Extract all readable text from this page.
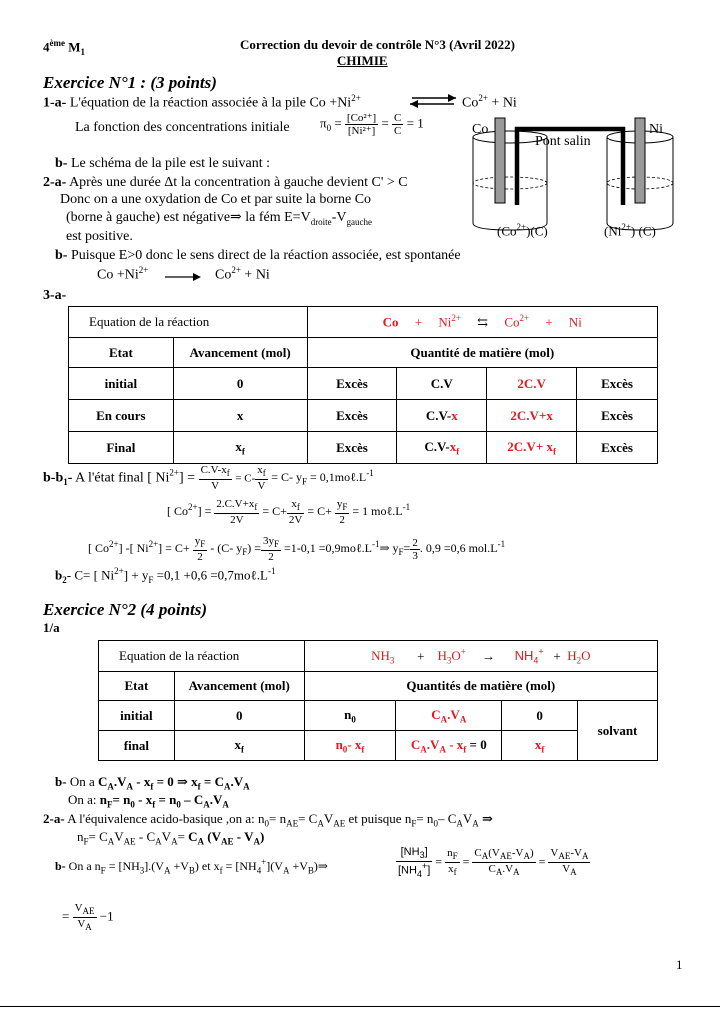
4ème $M_1$	Correction du devoir de contrôle N°3 (Avril 2022)
CHIMIE
Exercice N°1 : (3 points)
1-a- L'équation de la réaction associée à la pile $Co +Ni^{2+}$	$Co^{2+} + Ni$
La fonction des concentrations initiale $\pi_0 = \frac{\text{[Co²⁺]}}{\text{[Ni²⁺]}} = \frac{C}{C} = 1$
b- Le schéma de la pile est le suivant :
2-a- Après une durée Δt la concentration à gauche devient C' > C
Donc on a une oxydation de Co et par suite la borne Co
(borne à gauche) est négative⇒ la fém $E=V_{droite}-V_{gauche}$
est positive.
b- Puisque E>0 donc le sens direct de la réaction associée, est spontanée
$Co +Ni^{2+}$	$Co^{2+} + Ni$
3-a-
Co	Ni
Pont salin
$(Co^{2+})(C)$	$(Ni^{2+})$ (C)
Equation de la réaction		$Co + Ni^{2+}$ ⇆ $Co^{2+} + Ni$			
Etat	Avancement (mol)	Quantité de matière (mol)			
initial	0	Excès	C.V	2C.V	Excès
En cours	x	Excès	C.V-x	2C.V+x	Excès
Final	$x_f$	Excès	$C.V-x_f$	$2C.V+ x_f$	Excès
$b-b_1-$ A l'état final [ $Ni^{2+}] = \frac{C.V-x_f}{V} = C- \frac{x_f}{V} = C-$ $y_F$ = $0,1mo\ell.L^{-1}$
[ $Co^{2+}] = \frac{2.C.V+x_f}{2V} = C+ \frac{x_f}{2V} = C+ \frac{y_F}{2} = 1$ $mo\ell.L^{-1}$
[ $Co^{2+}$] -[ $Ni^{2+}] = C+ \frac{y_F}{2} - (C-$ $y_F) = \frac{3y_F}{2} =1-0,1$ $=0,9mo\ell.L^{-1}\Rightarrow$ $y_F= \frac{2}{3}$ . 0,9 =0,6 $mol.L^{-1}$
$b_2-$ C= [ $Ni^{2+}] + y_F =0,1 +0,6$ $=0,7mo\ell.L^{-1}$
Exercice N°2 (4 points)
1/a
Equation de la réaction		$NH_3 + H_3O^+ \to NH_4^+ + H_2O$			
Etat	Avancement (mol)	Quantités de matière (mol)			
initial	0	$n_0$	$C_A.V_A$	0	solvant
final	$x_f$	$n_0-$ $x_f$	$C_A.V_A - x_f = 0$	$x_f$
b- On a $C_A.V_A - x_f = 0$ ⇒ $x_f = C_A.V_A$
On a: $n_F= n_0 - x_f = n_0 - C_A.V_A$
2-a- A l'équivalence acido-basique ,on a: $n_0= n_{AE}= C_AV_{AE}$ et puisque $n_F= n_0-$ $C_AV_A$ ⇒
$n_F= C_AV_{AE} - C_AV_A= C_A$ $(V_{AE} - V_A)$
b- On a $n_F = [NH_3].(V_A +V_B)$ et $x_f = [NH_4^+](V_A$ $+V_B)\Rightarrow$	$\frac{[NH_3]}{[NH_4^+]} = \frac{n_F}{x_f} = \frac{C_A(V_{AE}-V_A)}{C_A.V_A} = \frac{V_{AE}-V_A}{V_A}$
= $\frac{V_{AE}}{V_A} -1$
1
